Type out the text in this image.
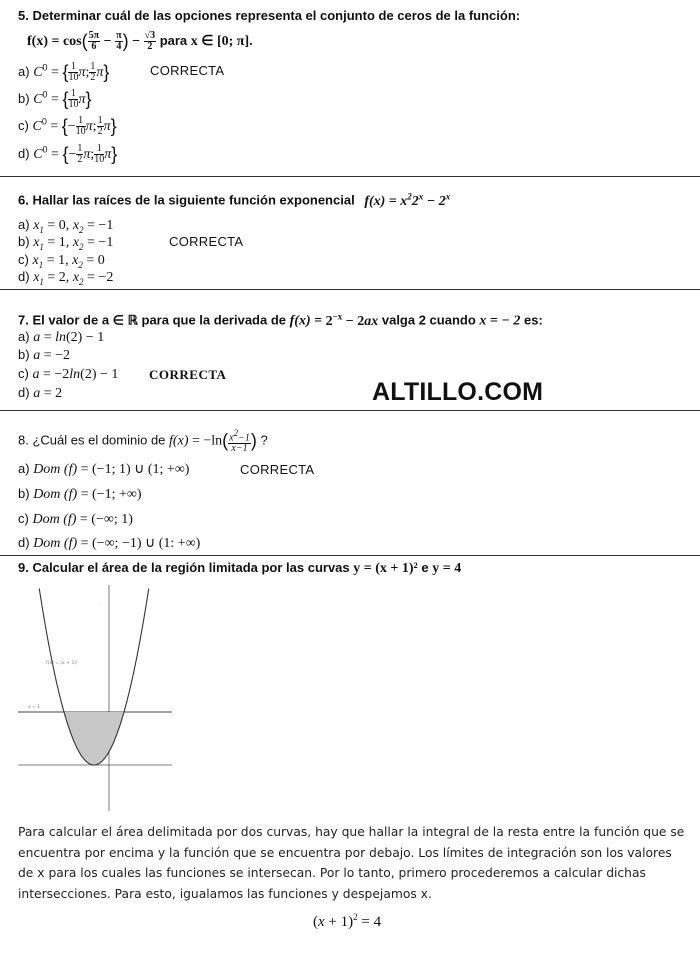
5. Determinar cuál de las opciones representa el conjunto de ceros de la función:
$f(x) = \cos( \frac{5\pi}{6} - \frac{\pi}{4}$ ) − $\frac{√3}{2}$ para x ∈ [0; π].
a) $C^0$ = { $\frac{1}{10} \pi$; $\frac{1}{2} \pi$}	CORRECTA
b) $C^0$ = { $\frac{1}{10} \pi$}
c) $C^0$ = {− $\frac{1}{10} \pi$; $\frac{1}{2} \pi$}
d) $C^0$ = {− $\frac{1}{2} \pi$; $\frac{1}{10} \pi$}
6. Hallar las raíces de la siguiente función exponencial $f(x) = x^22^x - 2^x$
a) $x_1 = 0$, $x_2 = -1$
b) $x_1 = 1$, $x_2 = -1$	CORRECTA
c) $x_1 = 1$, $x_2 = 0$
d) $x_1 = 2$, $x_2 = -2$
7. El valor de a ∈ ℝ para que la derivada de $f(x) = 2^{-x} - 2ax$ valga 2 cuando x = − 2 es:
a) a = ln(2) − 1
b) a = −2
c) a = −2ln(2) − 1 CORRECTA
d) a = 2	ALTILLO.COM
8. ¿Cuál es el dominio de $f(x) = -\ln( \frac{x^2-1}{x-1}$ ) ?
a) Dom (f) = (−1; 1) ∪ (1; +∞)	CORRECTA
b) Dom (f) = (−1; +∞)
c) Dom (f) = (−∞; 1)
d) Dom (f) = (−∞; −1) ∪ (1: +∞)
9. Calcular el área de la región limitada por las curvas y = (x + 1)² e y = 4
f(x) = (x + 1)²
x = 1
·
Para calcular el área delimitada por dos curvas, hay que hallar la integral de la resta entre la función que se encuentra por encima y la función que se encuentra por debajo. Los límites de integración son los valores de x para los cuales las funciones se intersecan. Por lo tanto, primero procederemos a calcular dichas intersecciones. Para esto, igualamos las funciones y despejamos x.
$(x + 1)^2 = 4$
